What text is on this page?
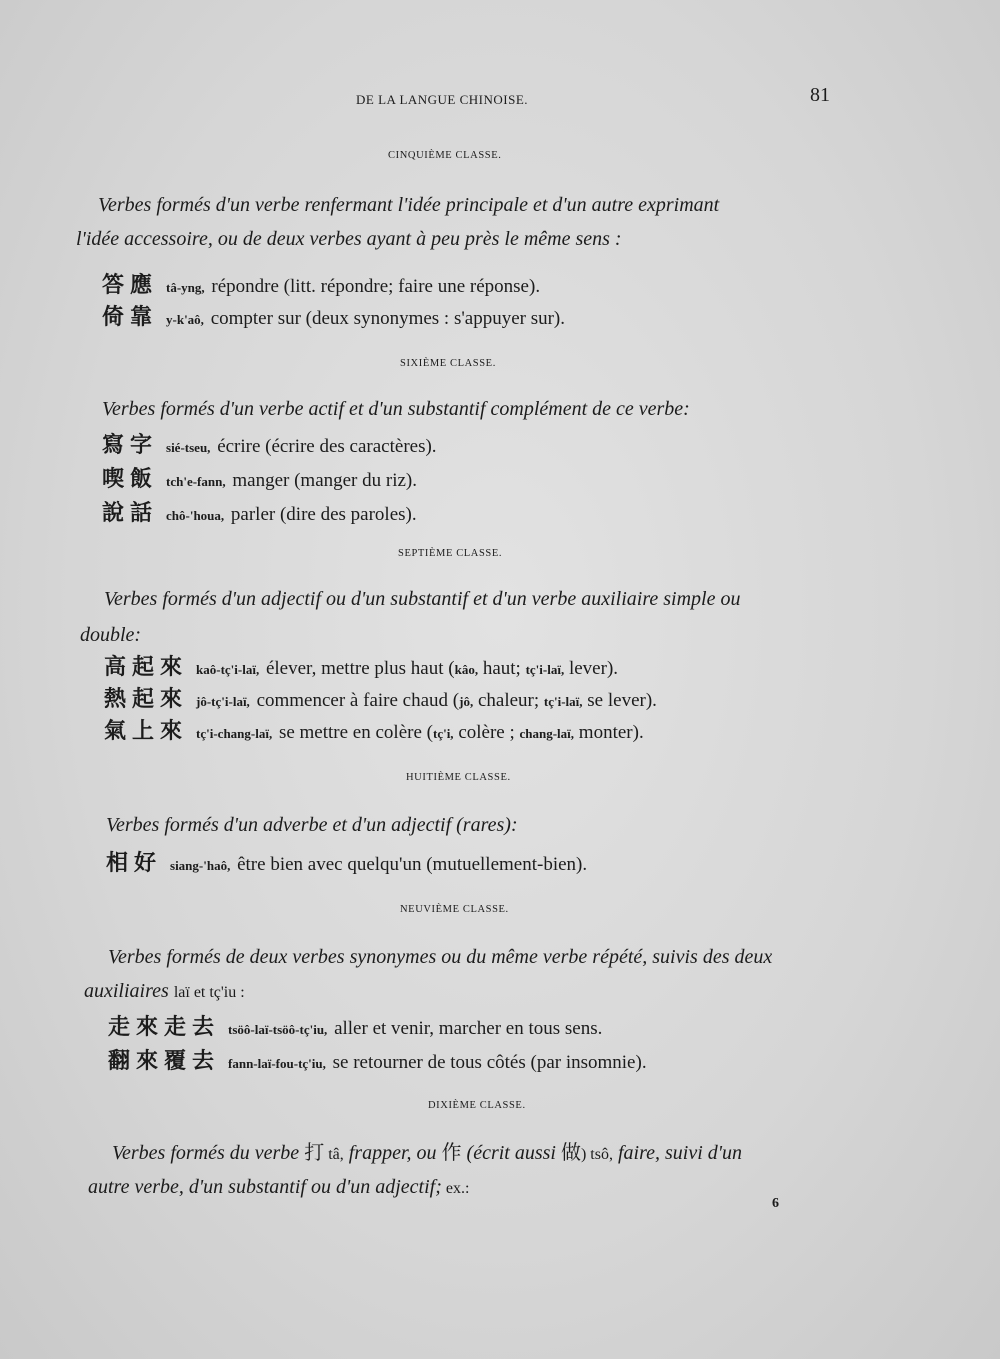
DE LA LANGUE CHINOISE.	81
CINQUIÈME CLASSE.
Verbes formés d'un verbe renfermant l'idée principale et d'un autre exprimant
l'idée accessoire, ou de deux verbes ayant à peu près le même sens :
答應 tâ-yng, répondre (litt. répondre; faire une réponse).
倚靠 y-k'aô, compter sur (deux synonymes : s'appuyer sur).
SIXIÈME CLASSE.
Verbes formés d'un verbe actif et d'un substantif complément de ce verbe:
寫字 sié-tseu, écrire (écrire des caractères).
喫飯 tch'e-fann, manger (manger du riz).
說話 chô-'houa, parler (dire des paroles).
SEPTIÈME CLASSE.
Verbes formés d'un adjectif ou d'un substantif et d'un verbe auxiliaire simple ou
double:
高起來 kaô-tç'i-laï, élever, mettre plus haut (kâo, haut; tç'i-laï, lever).
熱起來 jô-tç'i-laï, commencer à faire chaud (jô, chaleur; tç'i-laï, se lever).
氣上來 tç'i-chang-laï, se mettre en colère (tç'i, colère ; chang-laï, monter).
HUITIÈME CLASSE.
Verbes formés d'un adverbe et d'un adjectif (rares):
相好 siang-'haô, être bien avec quelqu'un (mutuellement-bien).
NEUVIÈME CLASSE.
Verbes formés de deux verbes synonymes ou du même verbe répété, suivis des deux
auxiliaires laï et tç'iu :
走來走去 tsöô-laï-tsöô-tç'iu, aller et venir, marcher en tous sens.
翻來覆去 fann-laï-fou-tç'iu, se retourner de tous côtés (par insomnie).
DIXIÈME CLASSE.
Verbes formés du verbe 打 tâ, frapper, ou 作 (écrit aussi 做) tsô, faire, suivi d'un
autre verbe, d'un substantif ou d'un adjectif; ex.:
6
